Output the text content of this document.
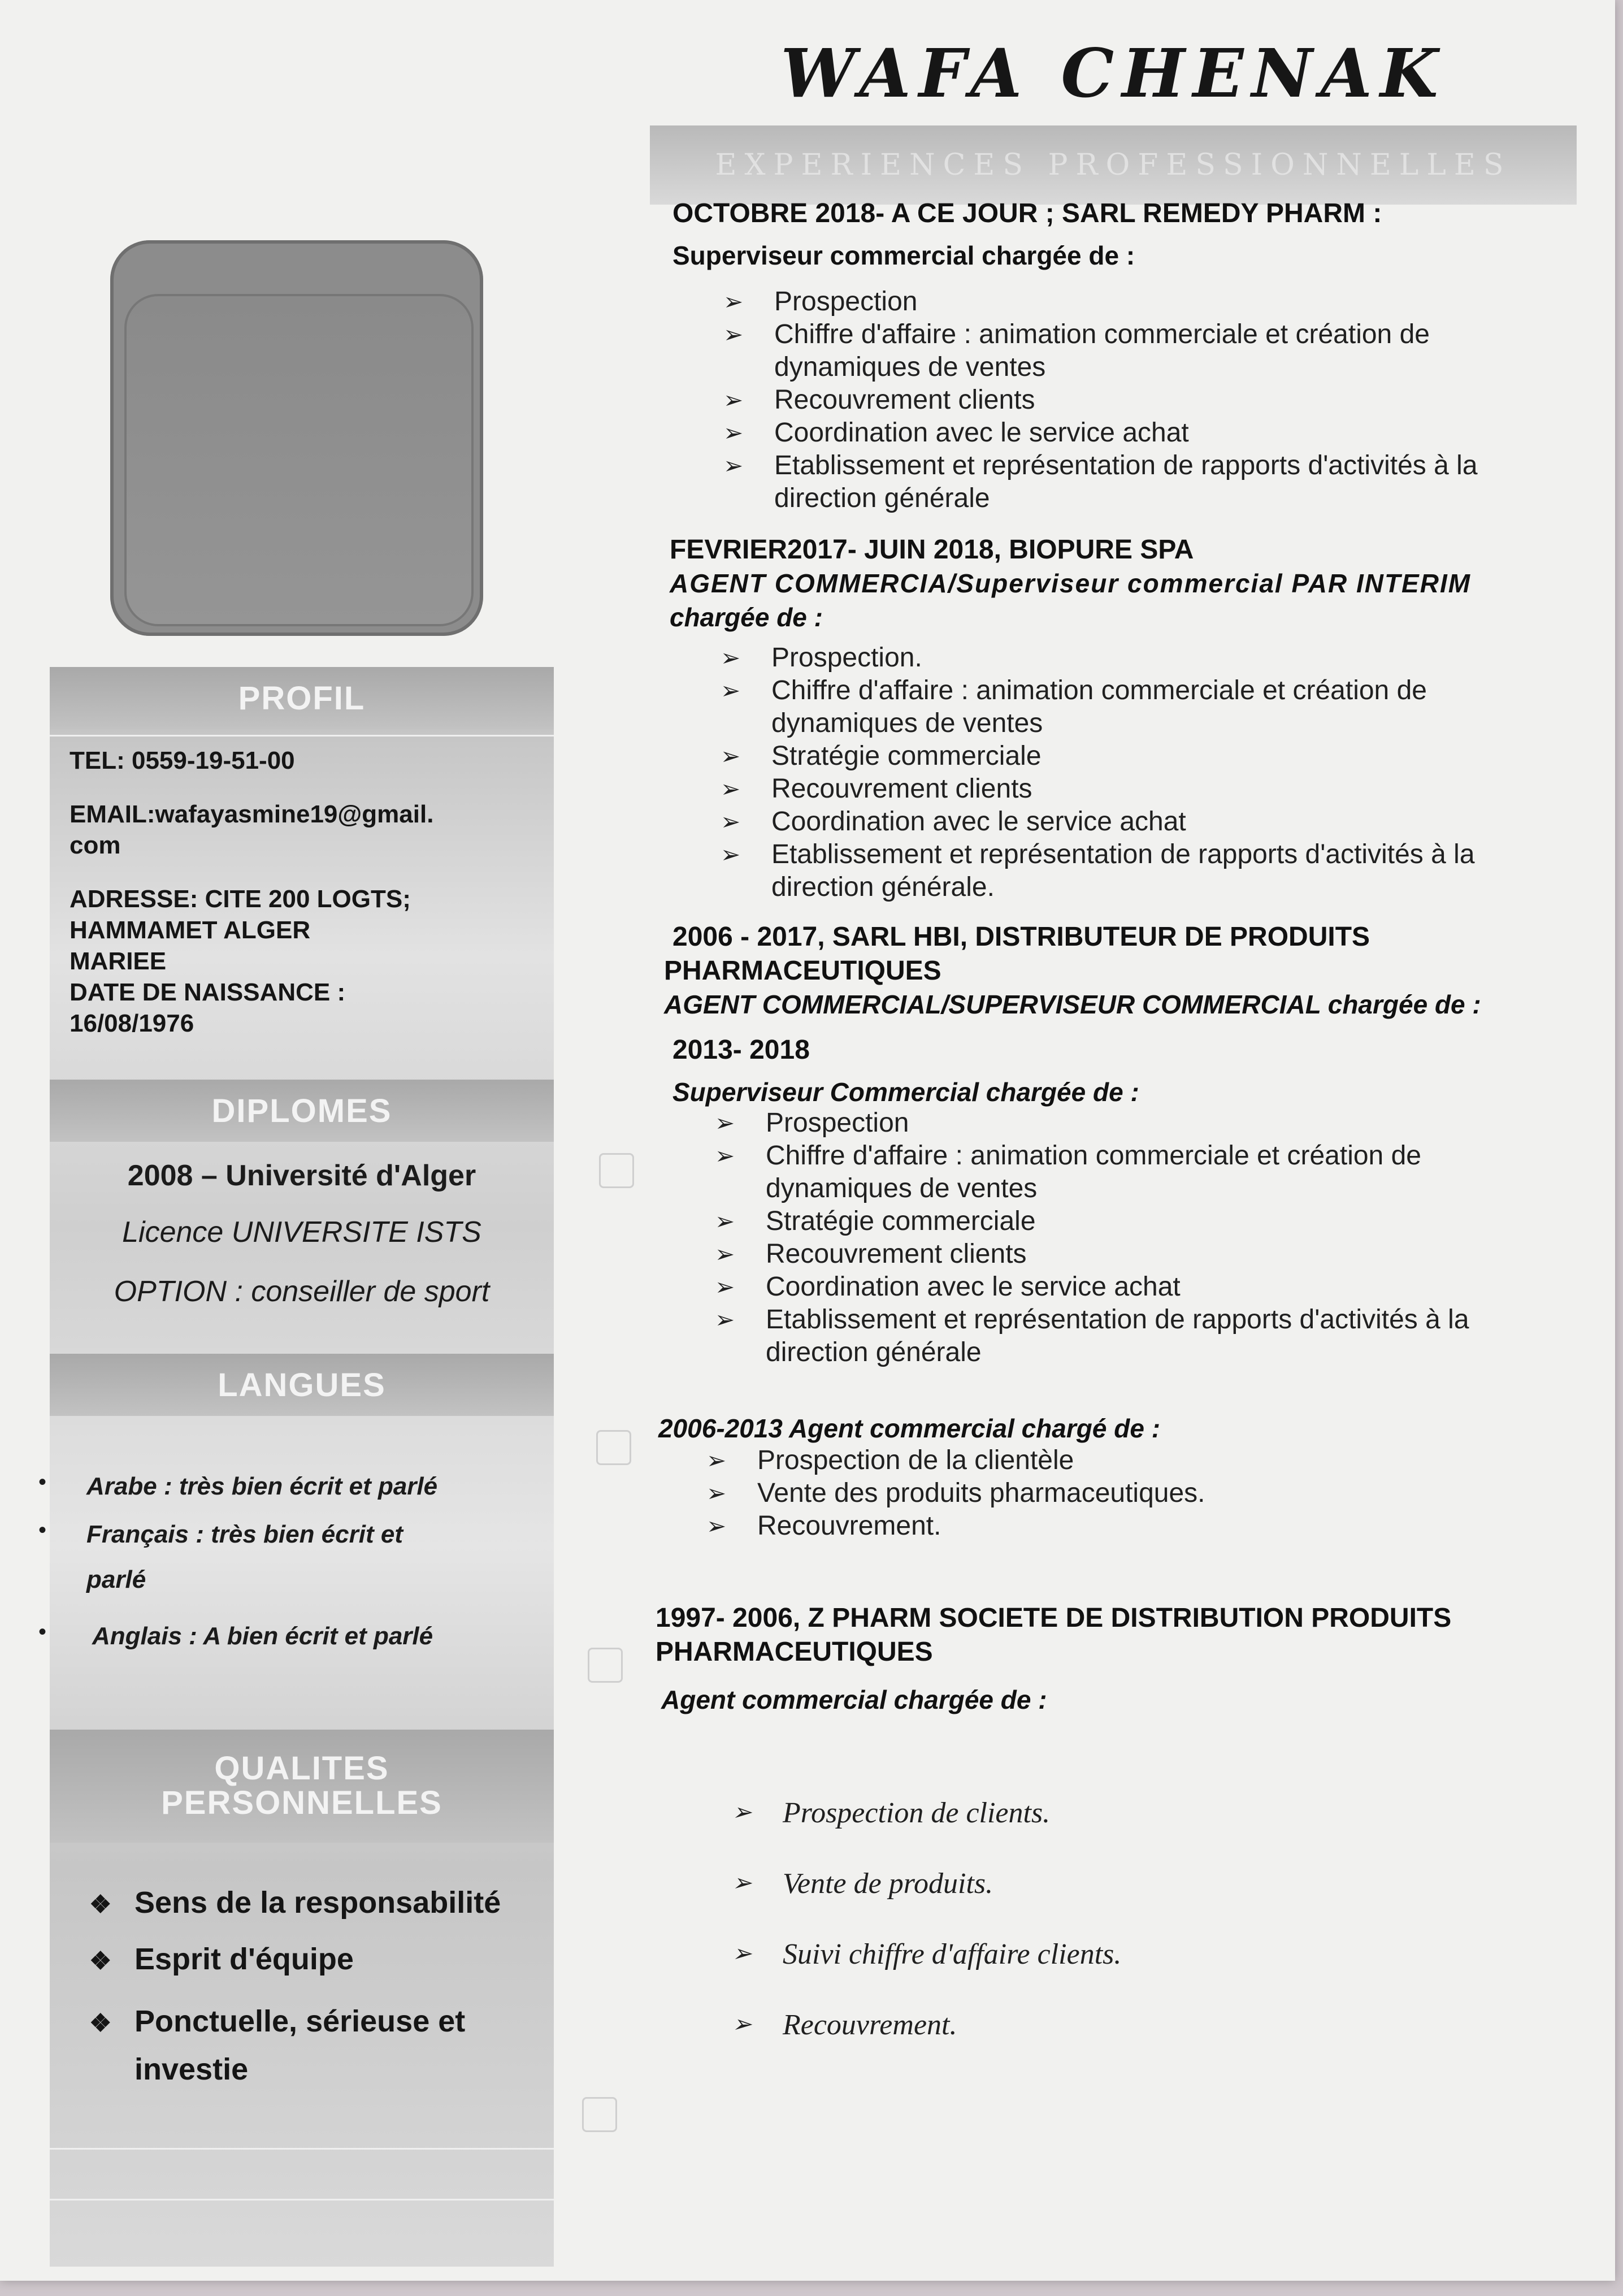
WAFA CHENAK
EXPERIENCES PROFESSIONNELLES
PROFIL
TEL: 0559-19-51-00
EMAIL:wafayasmine19@gmail.
com
ADRESSE: CITE 200 LOGTS;
HAMMAMET ALGER
MARIEE
DATE DE NAISSANCE :
16/08/1976
DIPLOMES
2008 – Université d'Alger
Licence UNIVERSITE ISTS
OPTION : conseiller de sport
LANGUES
• Arabe : très bien écrit et parlé
• Français : très bien écrit et
parlé
• Anglais : A bien écrit et parlé
QUALITES
PERSONNELLES
❖ Sens de la responsabilité
❖ Esprit d'équipe
❖ Ponctuelle, sérieuse et
investie
OCTOBRE 2018- A CE JOUR ; SARL REMEDY PHARM :
Superviseur commercial chargée de :
➢ Prospection
➢ Chiffre d'affaire : animation commerciale et création de
dynamiques de ventes
➢ Recouvrement clients
➢ Coordination avec le service achat
➢ Etablissement et représentation de rapports d'activités à la
direction générale
FEVRIER2017- JUIN 2018, BIOPURE SPA
AGENT COMMERCIA/Superviseur commercial PAR INTERIM
chargée de :
➢ Prospection.
➢ Chiffre d'affaire : animation commerciale et création de
dynamiques de ventes
➢ Stratégie commerciale
➢ Recouvrement clients
➢ Coordination avec le service achat
➢ Etablissement et représentation de rapports d'activités à la
direction générale.
2006 - 2017, SARL HBI, DISTRIBUTEUR DE PRODUITS
PHARMACEUTIQUES
AGENT COMMERCIAL/SUPERVISEUR COMMERCIAL chargée de :
2013- 2018
Superviseur Commercial chargée de :
➢ Prospection
➢ Chiffre d'affaire : animation commerciale et création de
dynamiques de ventes
➢ Stratégie commerciale
➢ Recouvrement clients
➢ Coordination avec le service achat
➢ Etablissement et représentation de rapports d'activités à la
direction générale
2006-2013 Agent commercial chargé de :
➢ Prospection de la clientèle
➢ Vente des produits pharmaceutiques.
➢ Recouvrement.
1997- 2006, Z PHARM SOCIETE DE DISTRIBUTION PRODUITS
PHARMACEUTIQUES
Agent commercial chargée de :
➢ Prospection de clients.
➢ Vente de produits.
➢ Suivi chiffre d'affaire clients.
➢ Recouvrement.
